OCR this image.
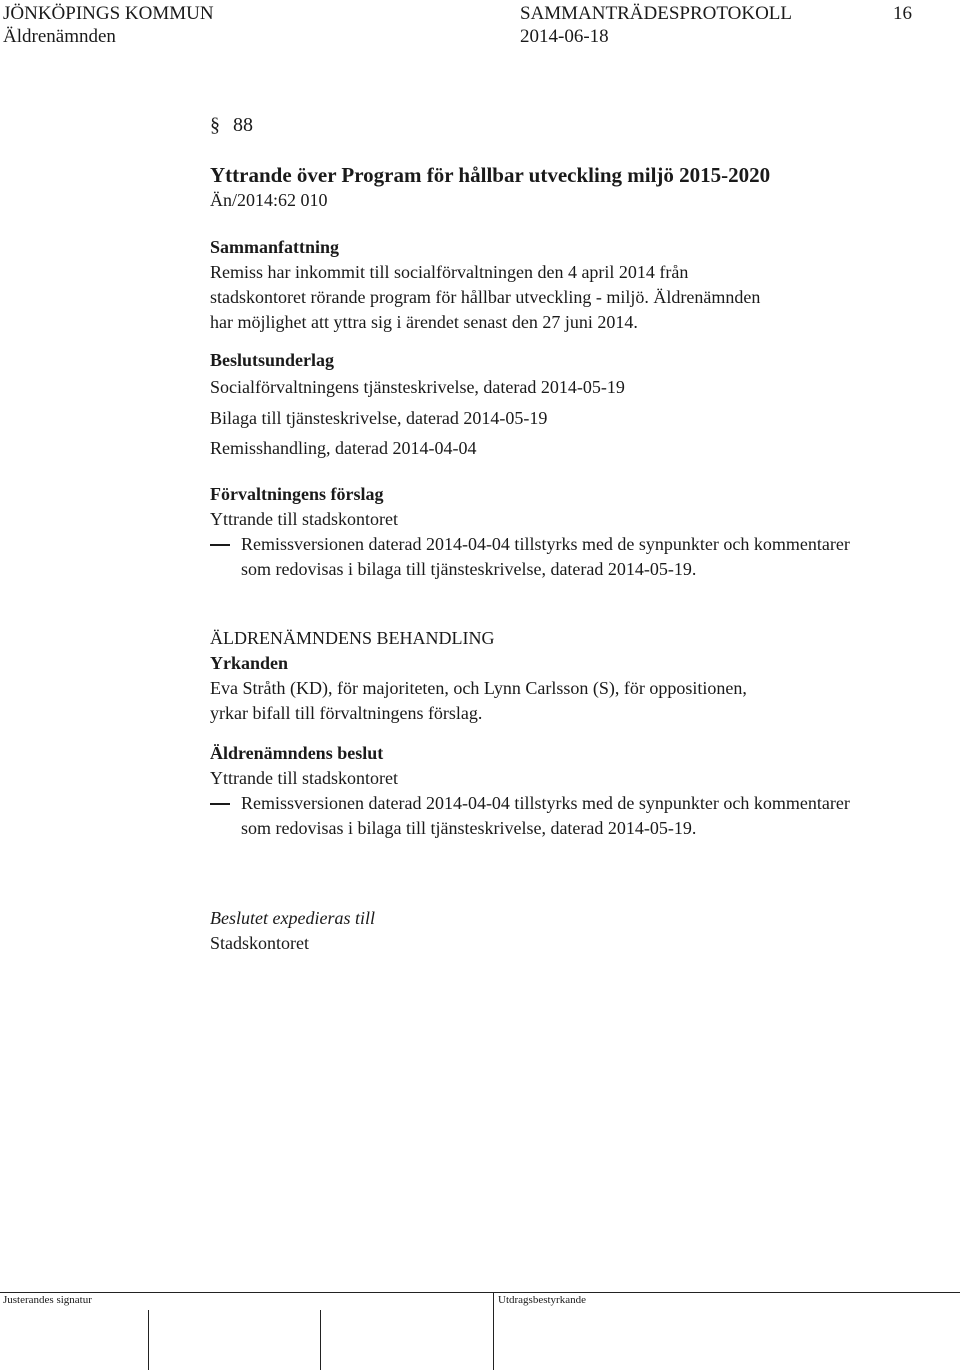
JÖNKÖPINGS KOMMUN	SAMMANTRÄDESPROTOKOLL	16
Äldrenämnden	2014-06-18
§ 88
Yttrande över Program för hållbar utveckling miljö 2015-2020
Än/2014:62 010
Sammanfattning
Remiss har inkommit till socialförvaltningen den 4 april 2014 från
stadskontoret rörande program för hållbar utveckling - miljö. Äldrenämnden
har möjlighet att yttra sig i ärendet senast den 27 juni 2014.
Beslutsunderlag
Socialförvaltningens tjänsteskrivelse, daterad 2014-05-19
Bilaga till tjänsteskrivelse, daterad 2014-05-19
Remisshandling, daterad 2014-04-04
Förvaltningens förslag
Yttrande till stadskontoret
Remissversionen daterad 2014-04-04 tillstyrks med de synpunkter och kommentarer som redovisas i bilaga till tjänsteskrivelse, daterad 2014-05-19.
ÄLDRENÄMNDENS BEHANDLING
Yrkanden
Eva Stråth (KD), för majoriteten, och Lynn Carlsson (S), för oppositionen,
yrkar bifall till förvaltningens förslag.
Äldrenämndens beslut
Yttrande till stadskontoret
Remissversionen daterad 2014-04-04 tillstyrks med de synpunkter och kommentarer som redovisas i bilaga till tjänsteskrivelse, daterad 2014-05-19.
Beslutet expedieras till
Stadskontoret
Justerandes signatur	Utdragsbestyrkande
